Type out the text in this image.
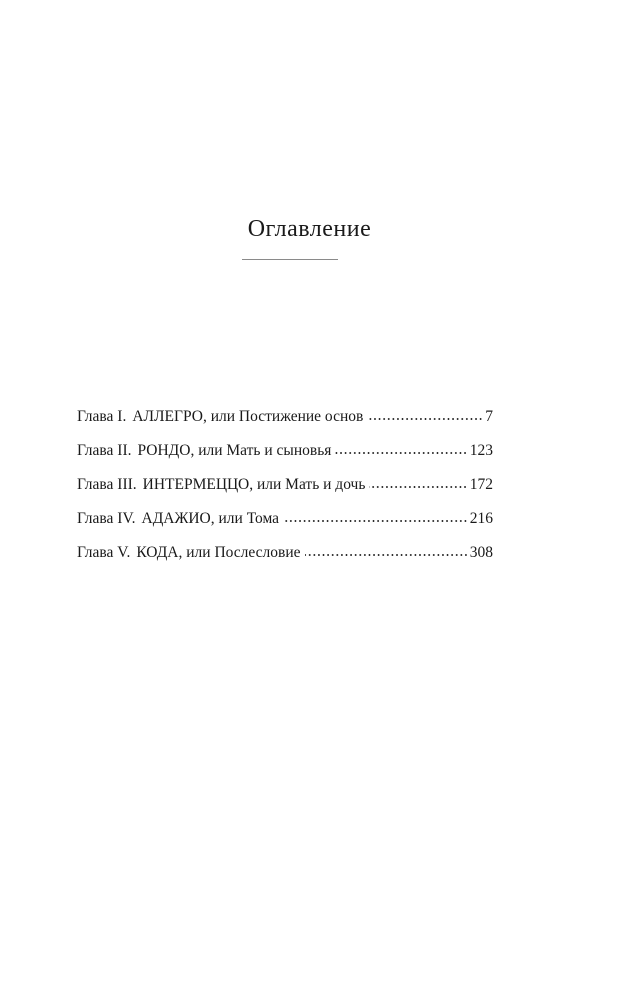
Оглавление
Глава I. АЛЛЕГРО, или Постижение основ	7
Глава II. РОНДО, или Мать и сыновья	123
Глава III. ИНТЕРМЕЦЦО, или Мать и дочь	172
Глава IV. АДАЖИО, или Тома	216
Глава V. КОДА, или Послесловие	308
